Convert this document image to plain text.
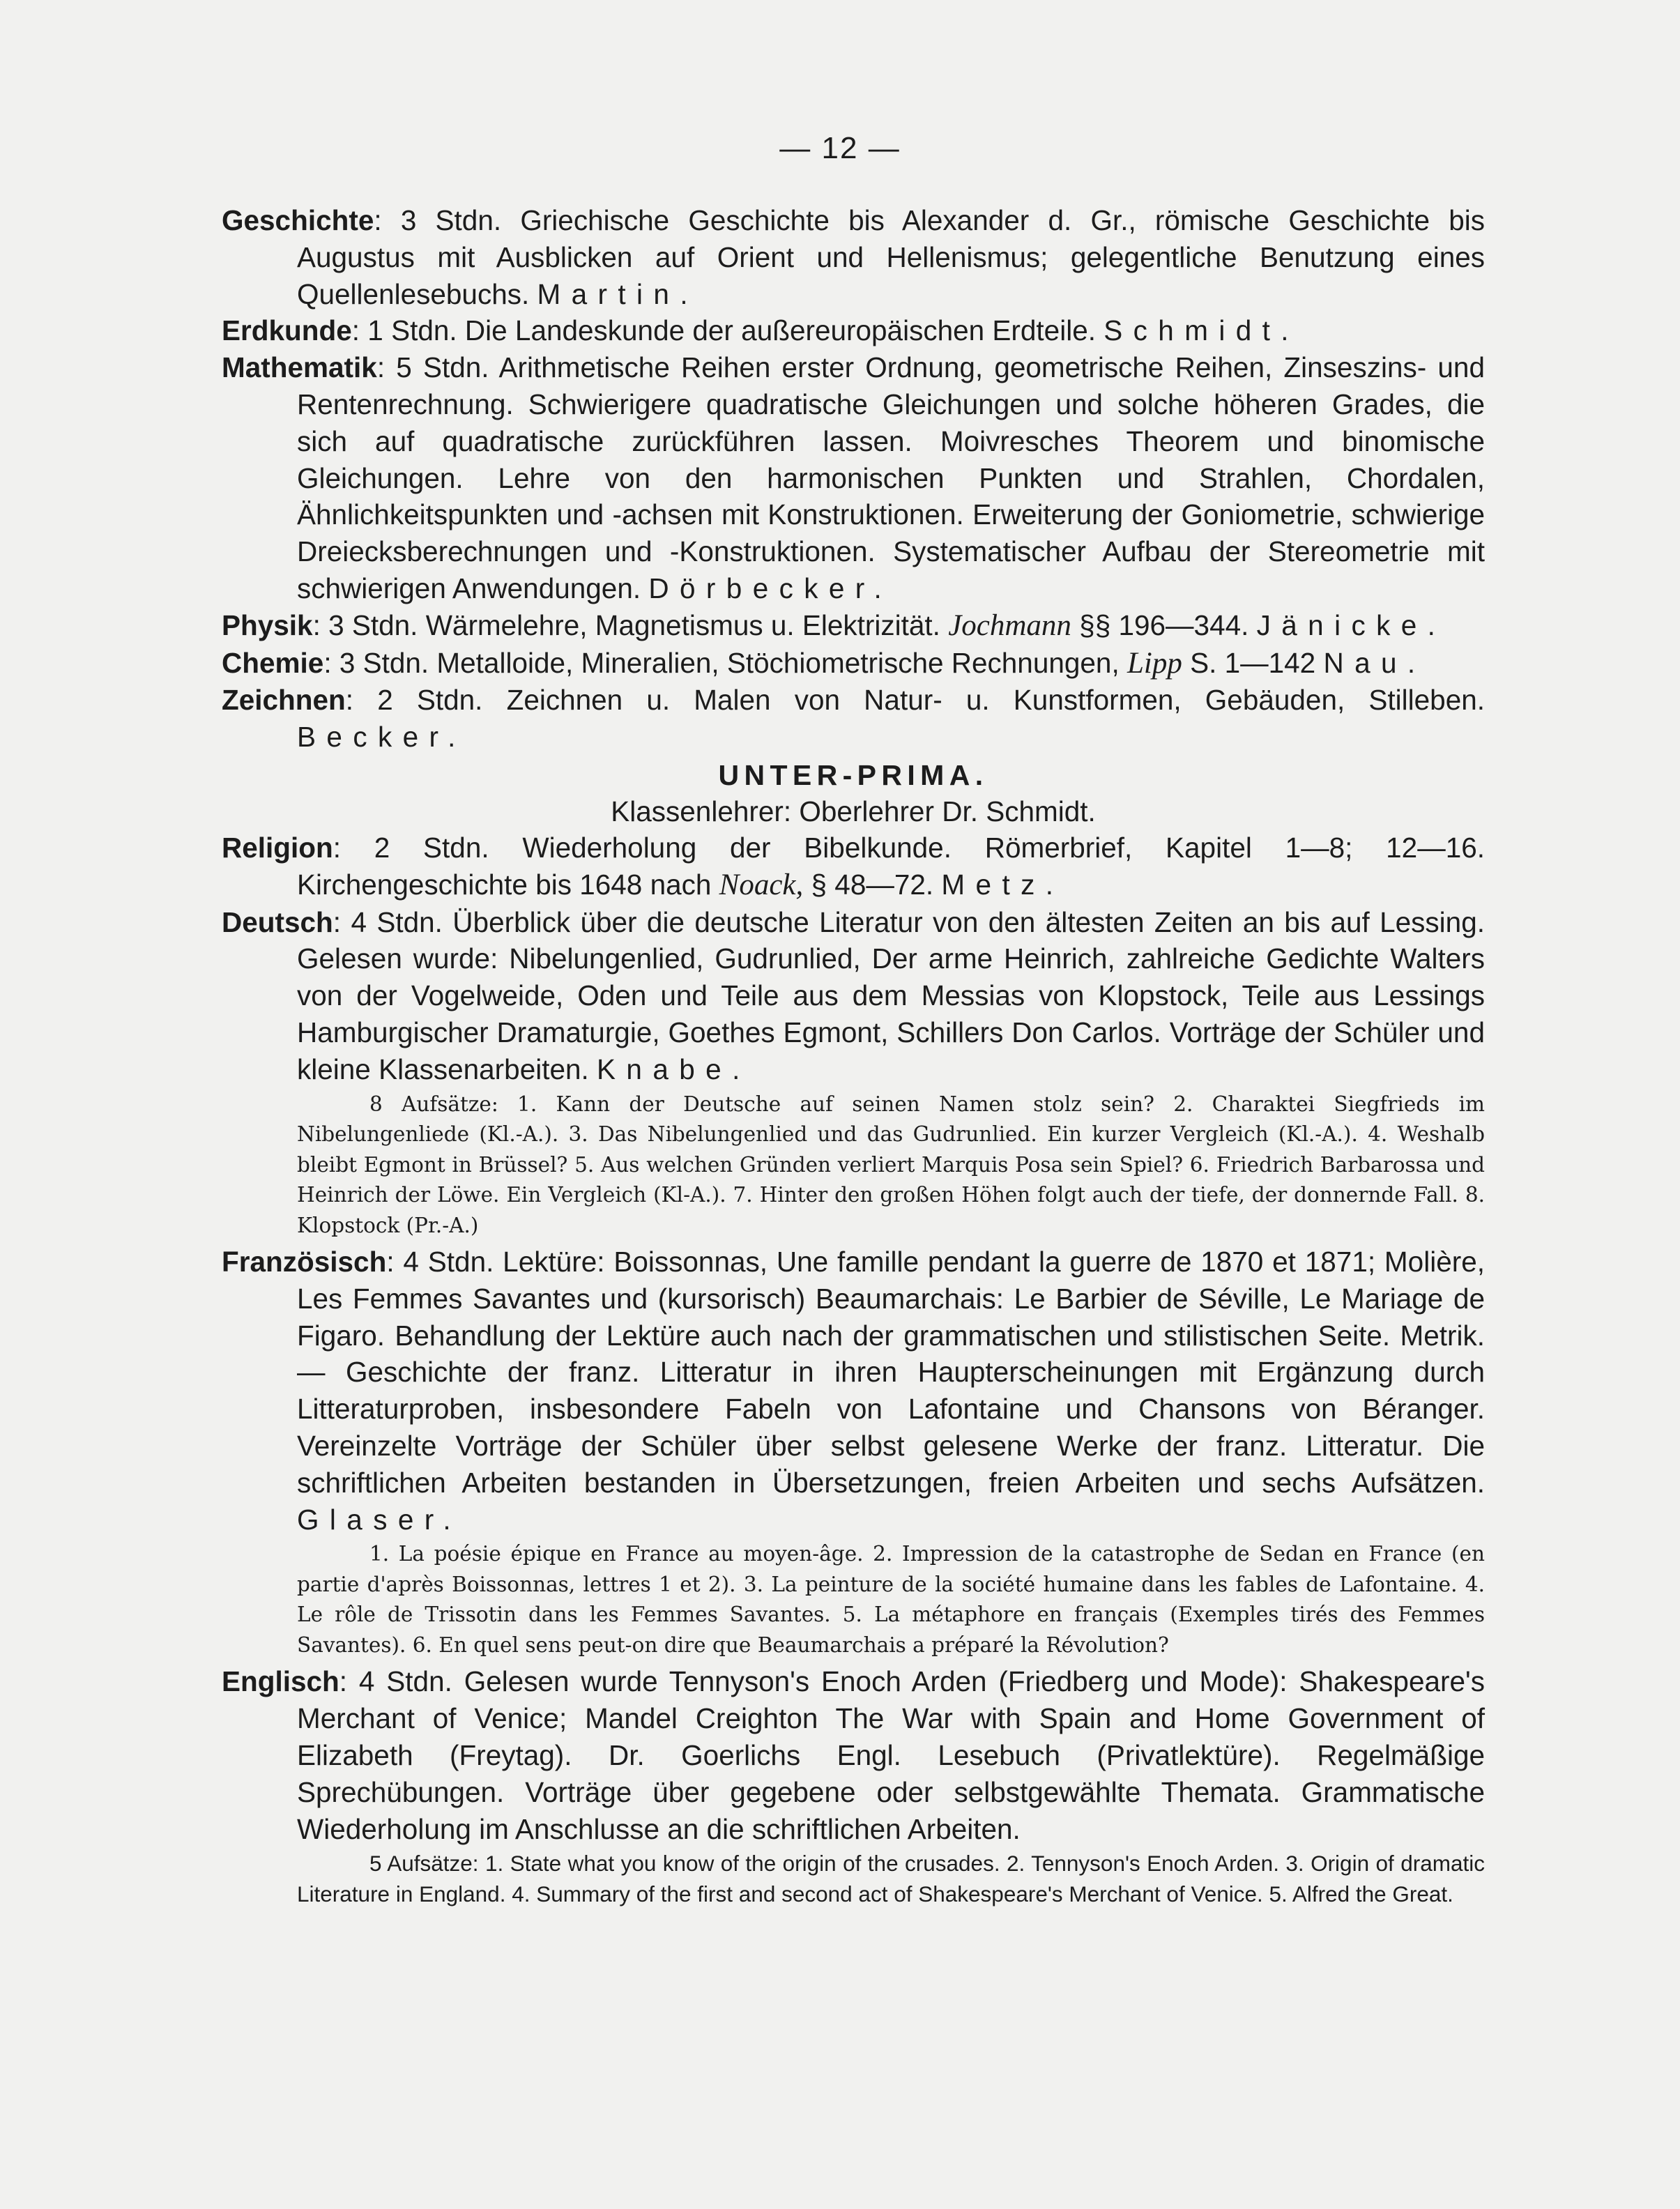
— 12 —

Geschichte: 3 Stdn. Griechische Geschichte bis Alexander d. Gr., römische Geschichte bis Augustus mit Ausblicken auf Orient und Hellenismus; gelegentliche Benutzung eines Quellenlesebuchs. Martin.

Erdkunde: 1 Stdn. Die Landeskunde der außereuropäischen Erdteile. Schmidt.

Mathematik: 5 Stdn. Arithmetische Reihen erster Ordnung, geometrische Reihen, Zinseszins- und Rentenrechnung. Schwierigere quadratische Gleichungen und solche höheren Grades, die sich auf quadratische zurückführen lassen. Moivresches Theorem und binomische Gleichungen. Lehre von den harmonischen Punkten und Strahlen, Chordalen, Ähnlichkeitspunkten und -achsen mit Konstruktionen. Erweiterung der Goniometrie, schwierige Dreiecksberechnungen und -Konstruktionen. Systematischer Aufbau der Stereometrie mit schwierigen Anwendungen. Dörbecker.

Physik: 3 Stdn. Wärmelehre, Magnetismus u. Elektrizität. Jochmann §§ 196—344. Jänicke.

Chemie: 3 Stdn. Metalloide, Mineralien, Stöchiometrische Rechnungen, Lipp S. 1—142 Nau.

Zeichnen: 2 Stdn. Zeichnen u. Malen von Natur- u. Kunstformen, Gebäuden, Stilleben. Becker.

UNTER-PRIMA.
Klassenlehrer: Oberlehrer Dr. Schmidt.

Religion: 2 Stdn. Wiederholung der Bibelkunde. Römerbrief, Kapitel 1—8; 12—16. Kirchengeschichte bis 1648 nach Noack, § 48—72. Metz.

Deutsch: 4 Stdn. Überblick über die deutsche Literatur von den ältesten Zeiten an bis auf Lessing. Gelesen wurde: Nibelungenlied, Gudrunlied, Der arme Heinrich, zahlreiche Gedichte Walters von der Vogelweide, Oden und Teile aus dem Messias von Klopstock, Teile aus Lessings Hamburgischer Dramaturgie, Goethes Egmont, Schillers Don Carlos. Vorträge der Schüler und kleine Klassenarbeiten. Knabe.

8 Aufsätze: 1. Kann der Deutsche auf seinen Namen stolz sein? 2. Charaktei Siegfrieds im Nibelungenliede (Kl.-A.). 3. Das Nibelungenlied und das Gudrunlied. Ein kurzer Vergleich (Kl.-A.). 4. Weshalb bleibt Egmont in Brüssel? 5. Aus welchen Gründen verliert Marquis Posa sein Spiel? 6. Friedrich Barbarossa und Heinrich der Löwe. Ein Vergleich (Kl-A.). 7. Hinter den großen Höhen folgt auch der tiefe, der donnernde Fall. 8. Klopstock (Pr.-A.)

Französisch: 4 Stdn. Lektüre: Boissonnas, Une famille pendant la guerre de 1870 et 1871; Molière, Les Femmes Savantes und (kursorisch) Beaumarchais: Le Barbier de Séville, Le Mariage de Figaro. Behandlung der Lektüre auch nach der grammatischen und stilistischen Seite. Metrik. — Geschichte der franz. Litteratur in ihren Haupterscheinungen mit Ergänzung durch Litteraturproben, insbesondere Fabeln von Lafontaine und Chansons von Béranger. Vereinzelte Vorträge der Schüler über selbst gelesene Werke der franz. Litteratur. Die schriftlichen Arbeiten bestanden in Übersetzungen, freien Arbeiten und sechs Aufsätzen. Glaser.

1. La poésie épique en France au moyen-âge. 2. Impression de la catastrophe de Sedan en France (en partie d'après Boissonnas, lettres 1 et 2). 3. La peinture de la société humaine dans les fables de Lafontaine. 4. Le rôle de Trissotin dans les Femmes Savantes. 5. La métaphore en français (Exemples tirés des Femmes Savantes). 6. En quel sens peut-on dire que Beaumarchais a préparé la Révolution?

Englisch: 4 Stdn. Gelesen wurde Tennyson's Enoch Arden (Friedberg und Mode): Shakespeare's Merchant of Venice; Mandel Creighton The War with Spain and Home Government of Elizabeth (Freytag). Dr. Goerlichs Engl. Lesebuch (Privatlektüre). Regelmäßige Sprechübungen. Vorträge über gegebene oder selbstgewählte Themata. Grammatische Wiederholung im Anschlusse an die schriftlichen Arbeiten.

5 Aufsätze: 1. State what you know of the origin of the crusades. 2. Tennyson's Enoch Arden. 3. Origin of dramatic Literature in England. 4. Summary of the first and second act of Shakespeare's Merchant of Venice. 5. Alfred the Great.
